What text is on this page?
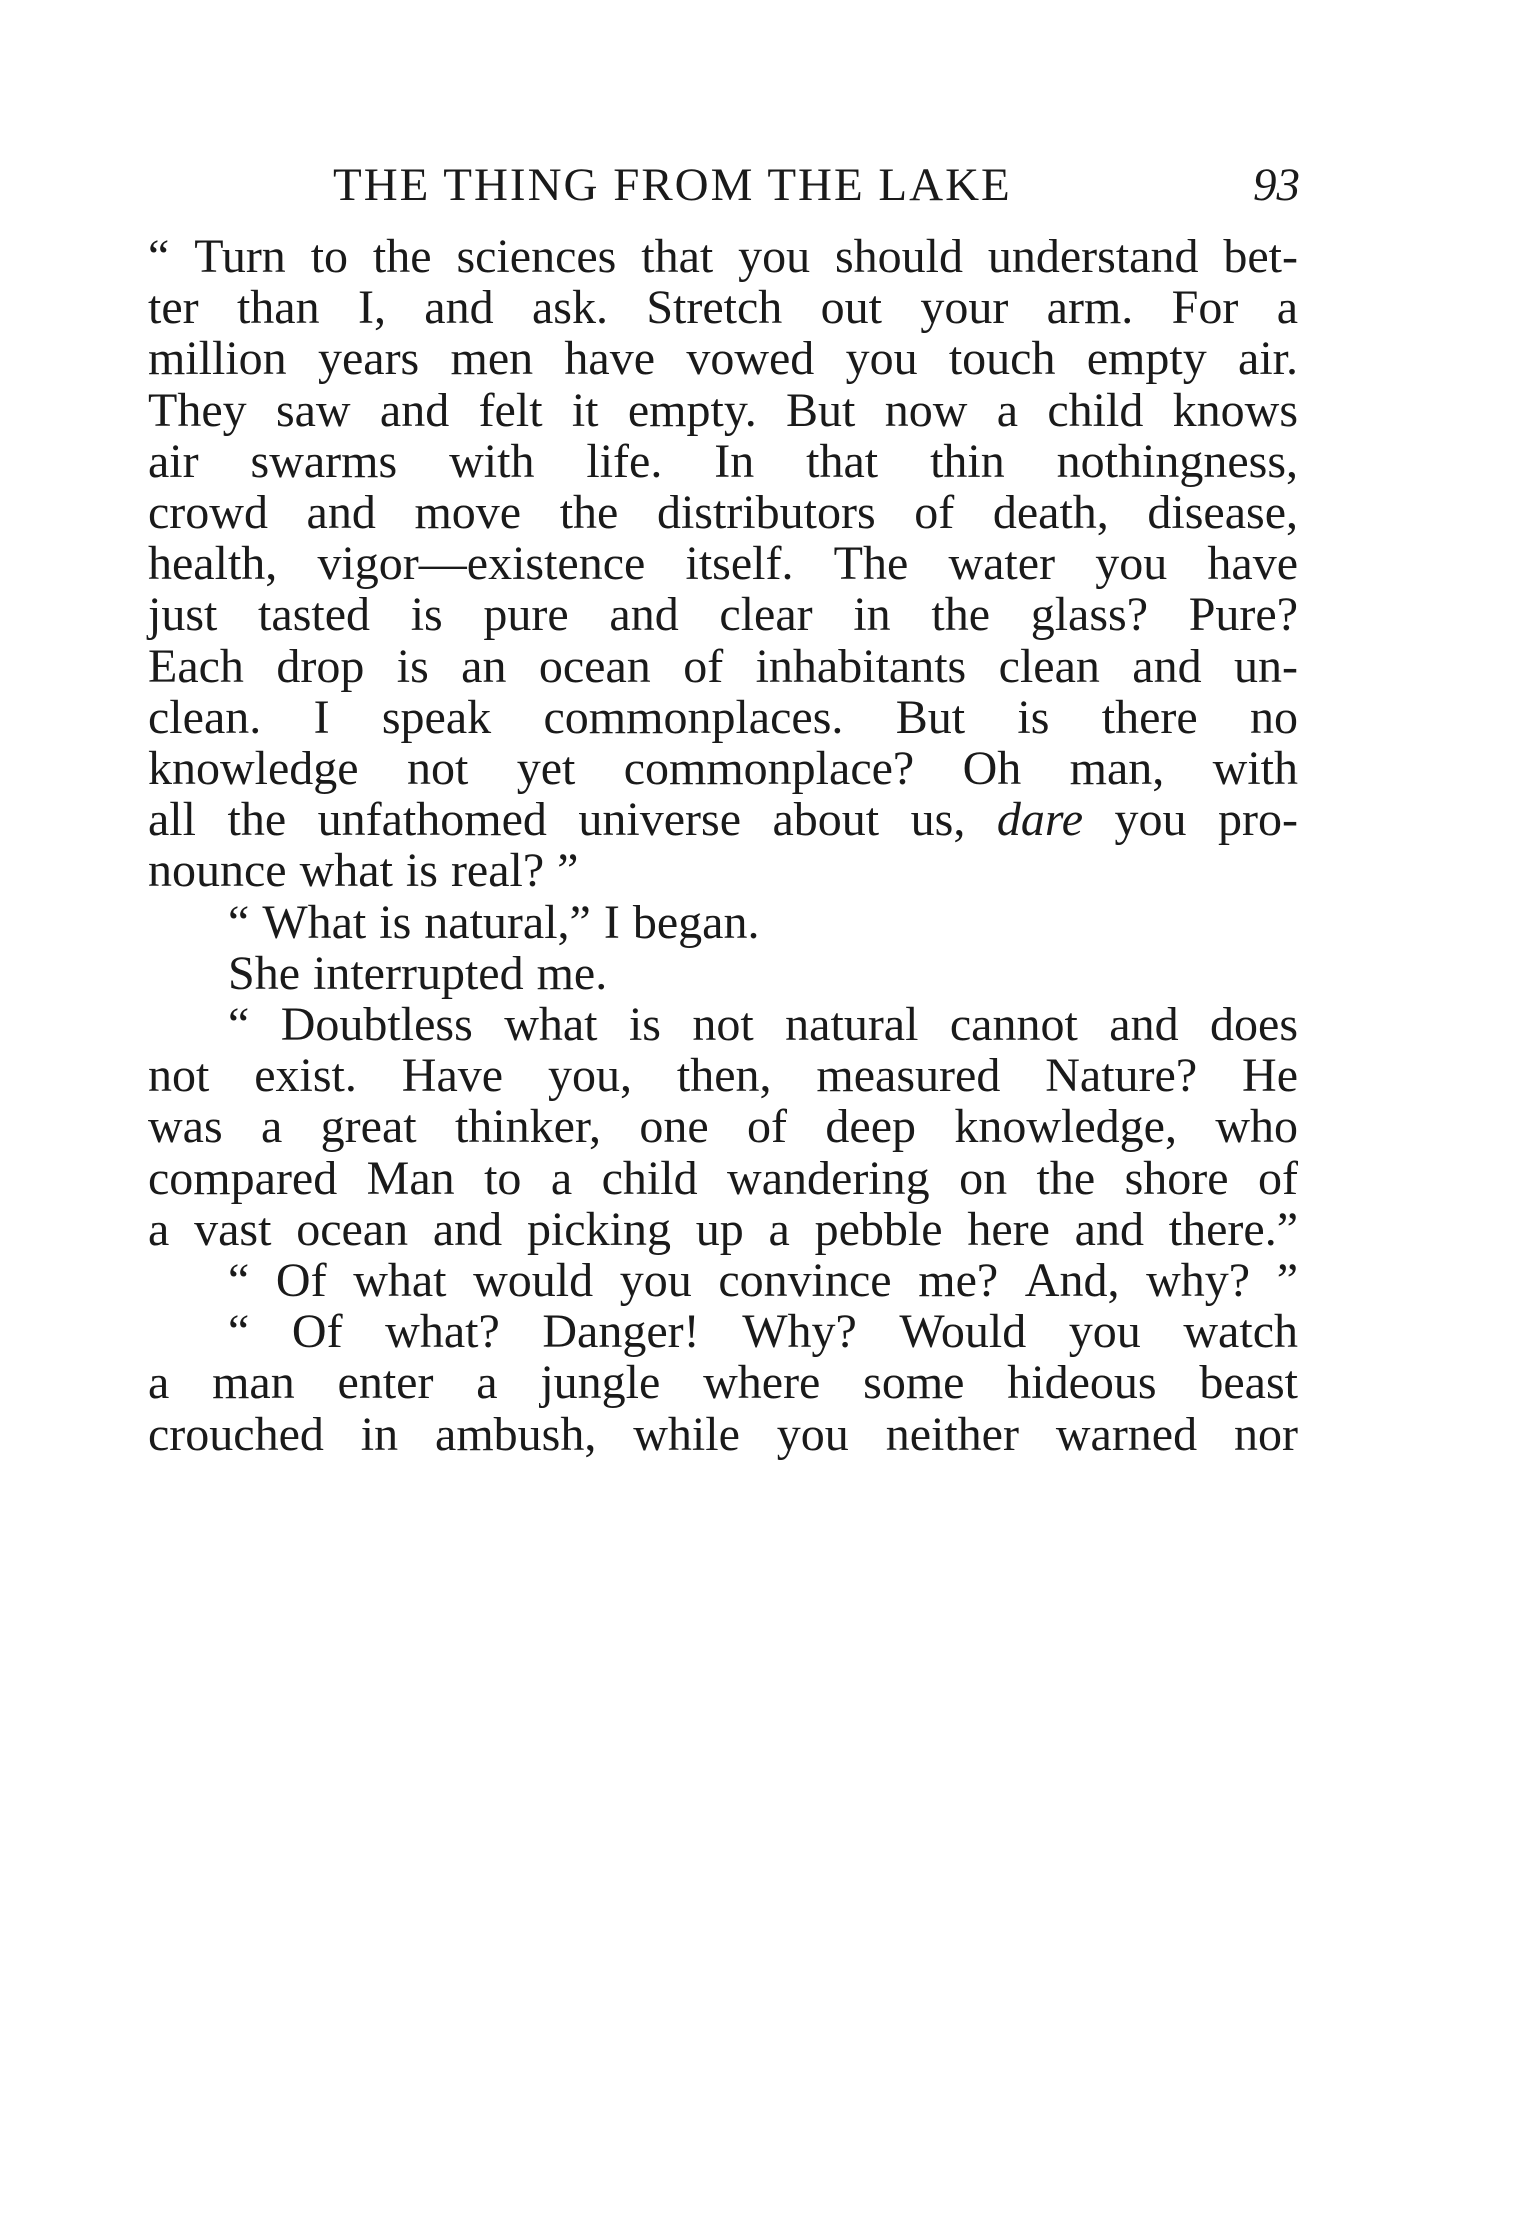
THE THING FROM THE LAKE	93
“ Turn to the sciences that you should understand bet-
ter than I, and ask. Stretch out your arm. For a
million years men have vowed you touch empty air.
They saw and felt it empty. But now a child knows
air swarms with life. In that thin nothingness,
crowd and move the distributors of death, disease,
health, vigor—existence itself. The water you have
just tasted is pure and clear in the glass? Pure?
Each drop is an ocean of inhabitants clean and un-
clean. I speak commonplaces. But is there no
knowledge not yet commonplace? Oh man, with
all the unfathomed universe about us, dare you pro-
nounce what is real? ”
“ What is natural,” I began.
She interrupted me.
“ Doubtless what is not natural cannot and does
not exist. Have you, then, measured Nature? He
was a great thinker, one of deep knowledge, who
compared Man to a child wandering on the shore of
a vast ocean and picking up a pebble here and there.”
“ Of what would you convince me? And, why? ”
“ Of what? Danger! Why? Would you watch
a man enter a jungle where some hideous beast
crouched in ambush, while you neither warned nor
